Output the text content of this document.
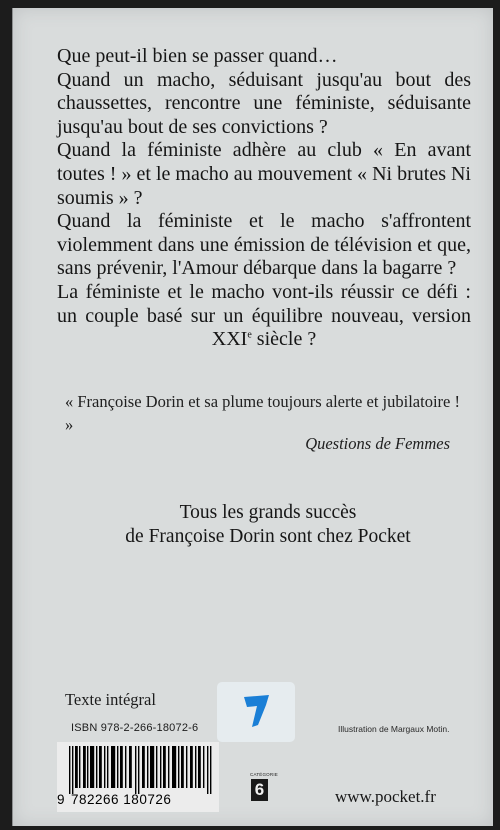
Que peut-il bien se passer quand…

Quand un macho, séduisant jusqu'au bout des chaussettes, rencontre une féministe, séduisante jusqu'au bout de ses convictions ?

Quand la féministe adhère au club « En avant toutes ! » et le macho au mouvement « Ni brutes Ni soumis » ?

Quand la féministe et le macho s'affrontent violemment dans une émission de télévision et que, sans prévenir, l'Amour débarque dans la bagarre ?

La féministe et le macho vont-ils réussir ce défi : un couple basé sur un équilibre nouveau, version XXIe siècle ?

« Françoise Dorin et sa plume toujours alerte et jubilatoire ! »
Questions de Femmes
Tous les grands succès
de Françoise Dorin sont chez Pocket
Texte intégral
ISBN 978-2-266-18072-6	Illustration de Margaux Motin.
9 782266 180726
CATÉGORIE
6	www.pocket.fr
